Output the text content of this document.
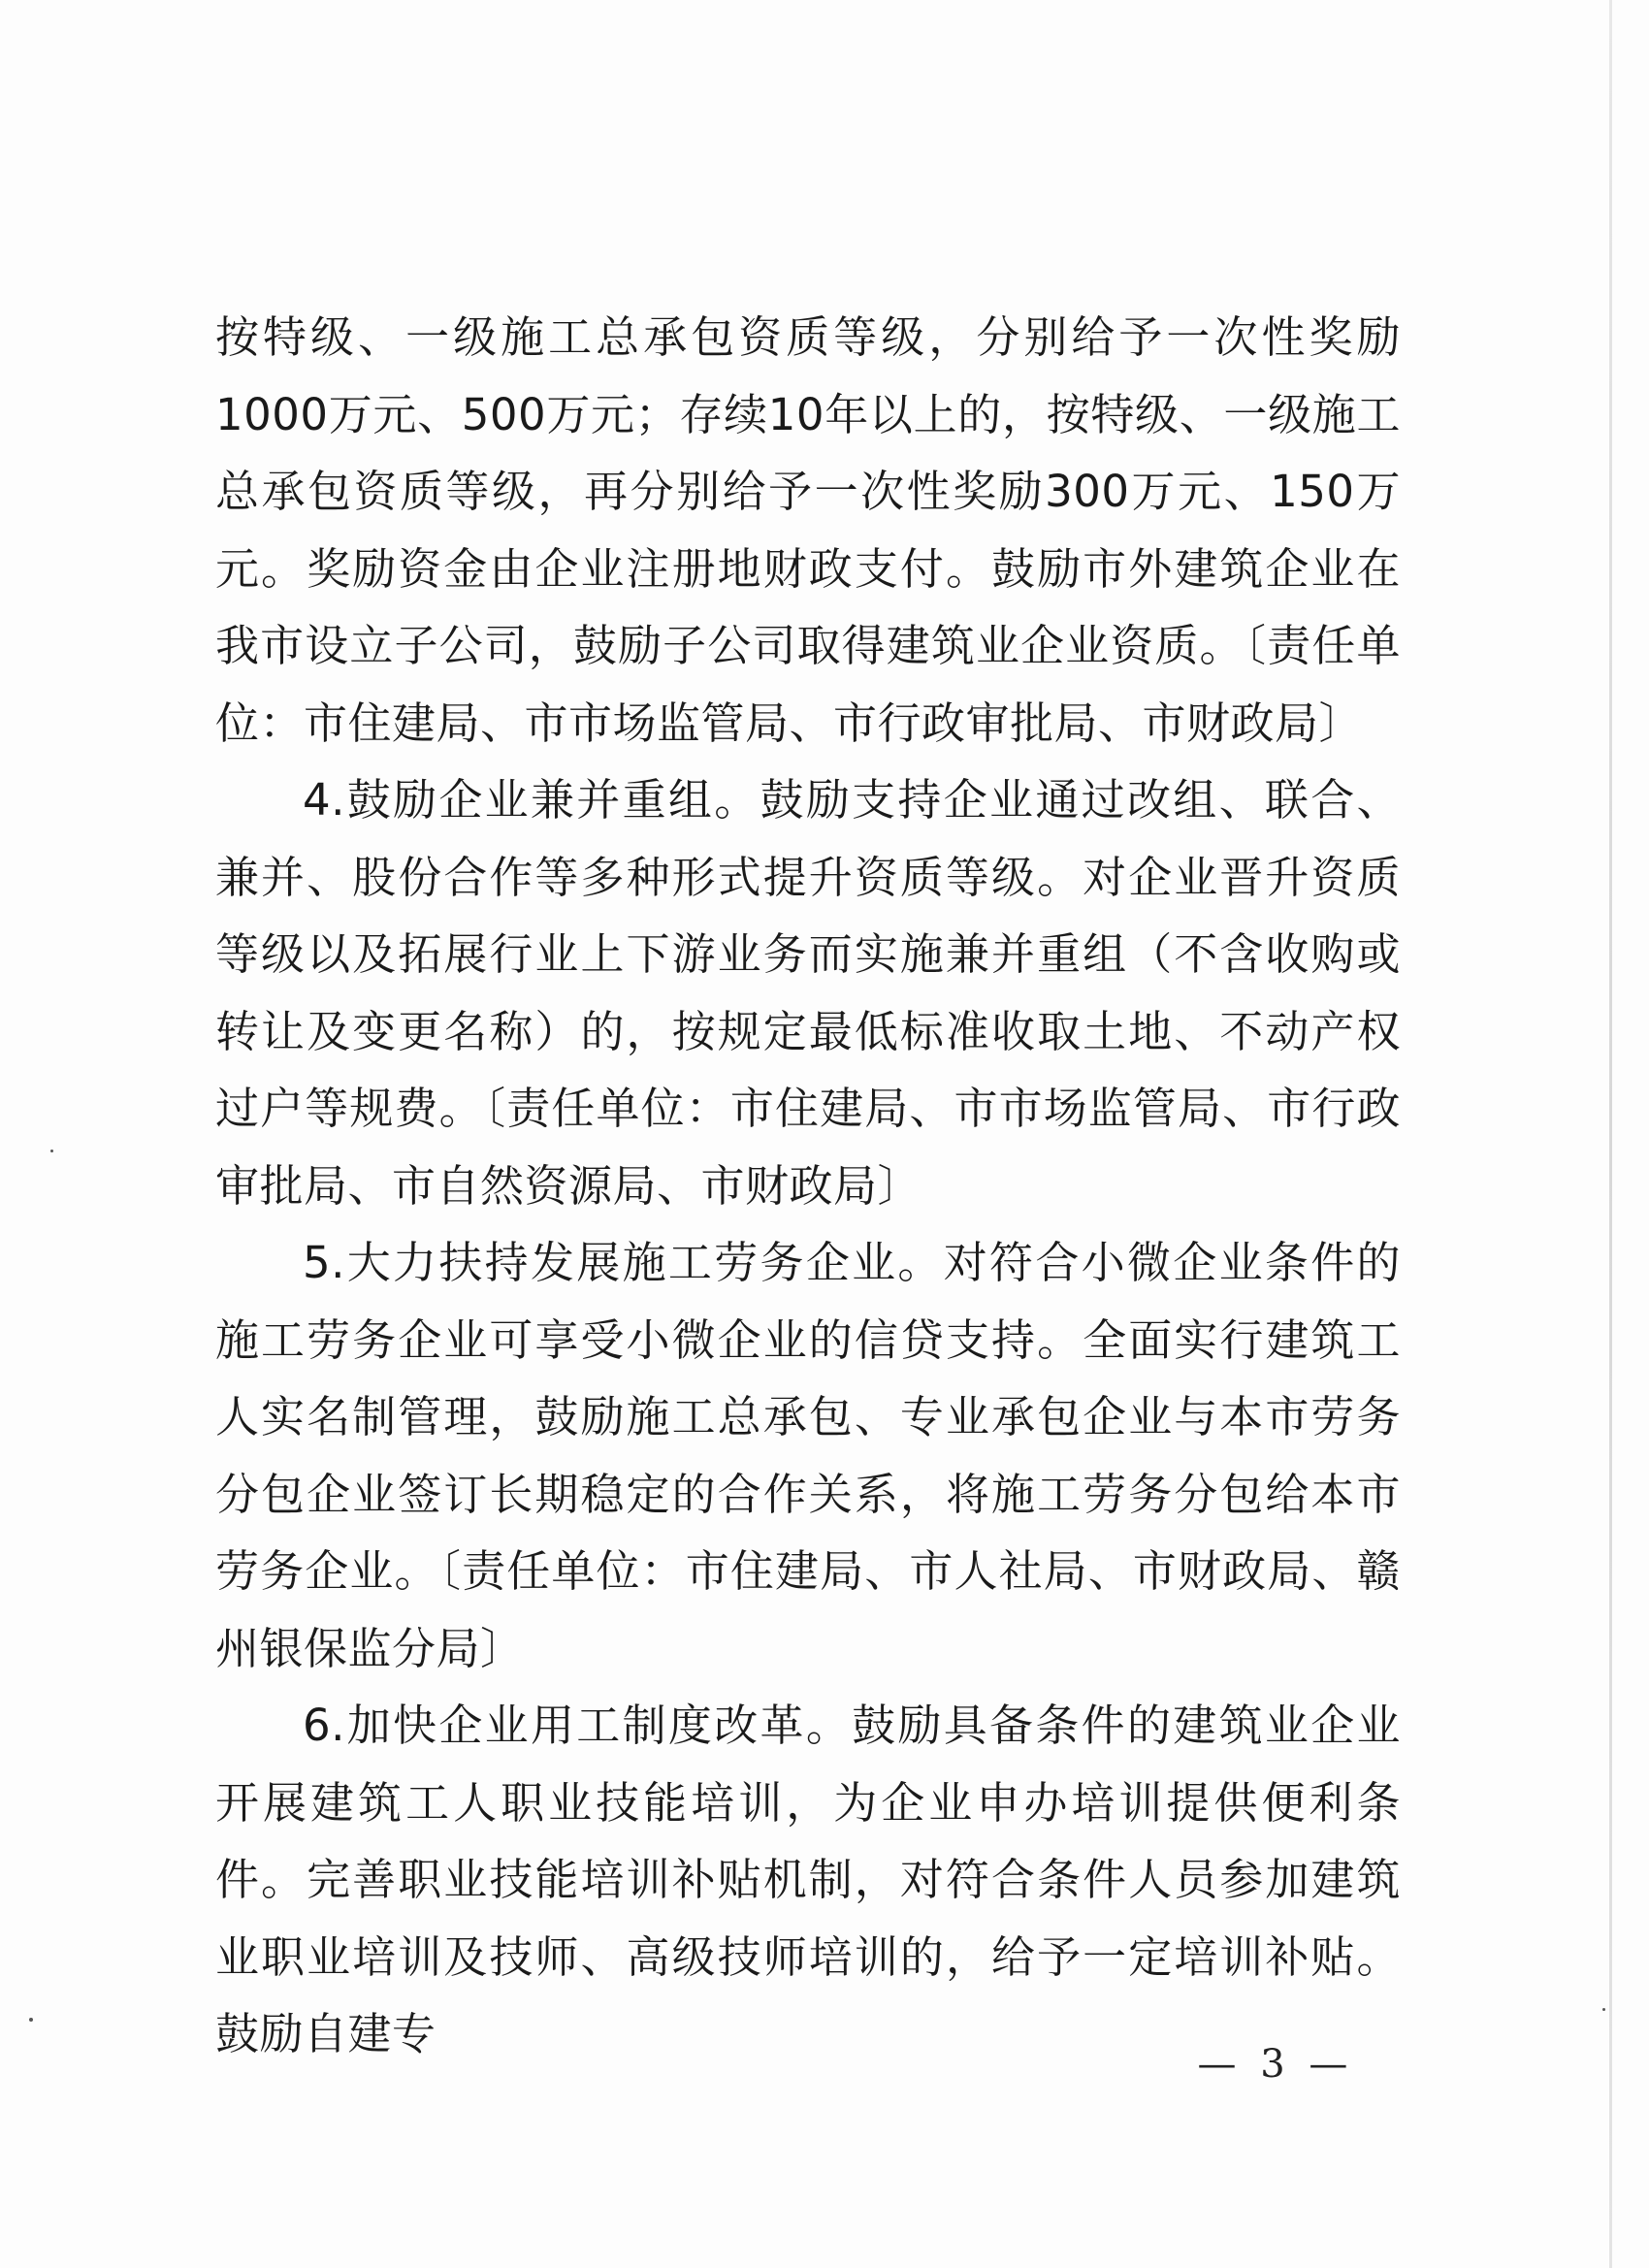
按特级、一级施工总承包资质等级，分别给予一次性奖励1000万元、500万元；存续10年以上的，按特级、一级施工总承包资质等级，再分别给予一次性奖励300万元、150万元。奖励资金由企业注册地财政支付。鼓励市外建筑企业在我市设立子公司，鼓励子公司取得建筑业企业资质。〔责任单位：市住建局、市市场监管局、市行政审批局、市财政局〕

4.鼓励企业兼并重组。鼓励支持企业通过改组、联合、兼并、股份合作等多种形式提升资质等级。对企业晋升资质等级以及拓展行业上下游业务而实施兼并重组（不含收购或转让及变更名称）的，按规定最低标准收取土地、不动产权过户等规费。〔责任单位：市住建局、市市场监管局、市行政审批局、市自然资源局、市财政局〕

5.大力扶持发展施工劳务企业。对符合小微企业条件的施工劳务企业可享受小微企业的信贷支持。全面实行建筑工人实名制管理，鼓励施工总承包、专业承包企业与本市劳务分包企业签订长期稳定的合作关系，将施工劳务分包给本市劳务企业。〔责任单位：市住建局、市人社局、市财政局、赣州银保监分局〕

6.加快企业用工制度改革。鼓励具备条件的建筑业企业开展建筑工人职业技能培训，为企业申办培训提供便利条件。完善职业技能培训补贴机制，对符合条件人员参加建筑业职业培训及技师、高级技师培训的，给予一定培训补贴。鼓励自建专

— 3 —
